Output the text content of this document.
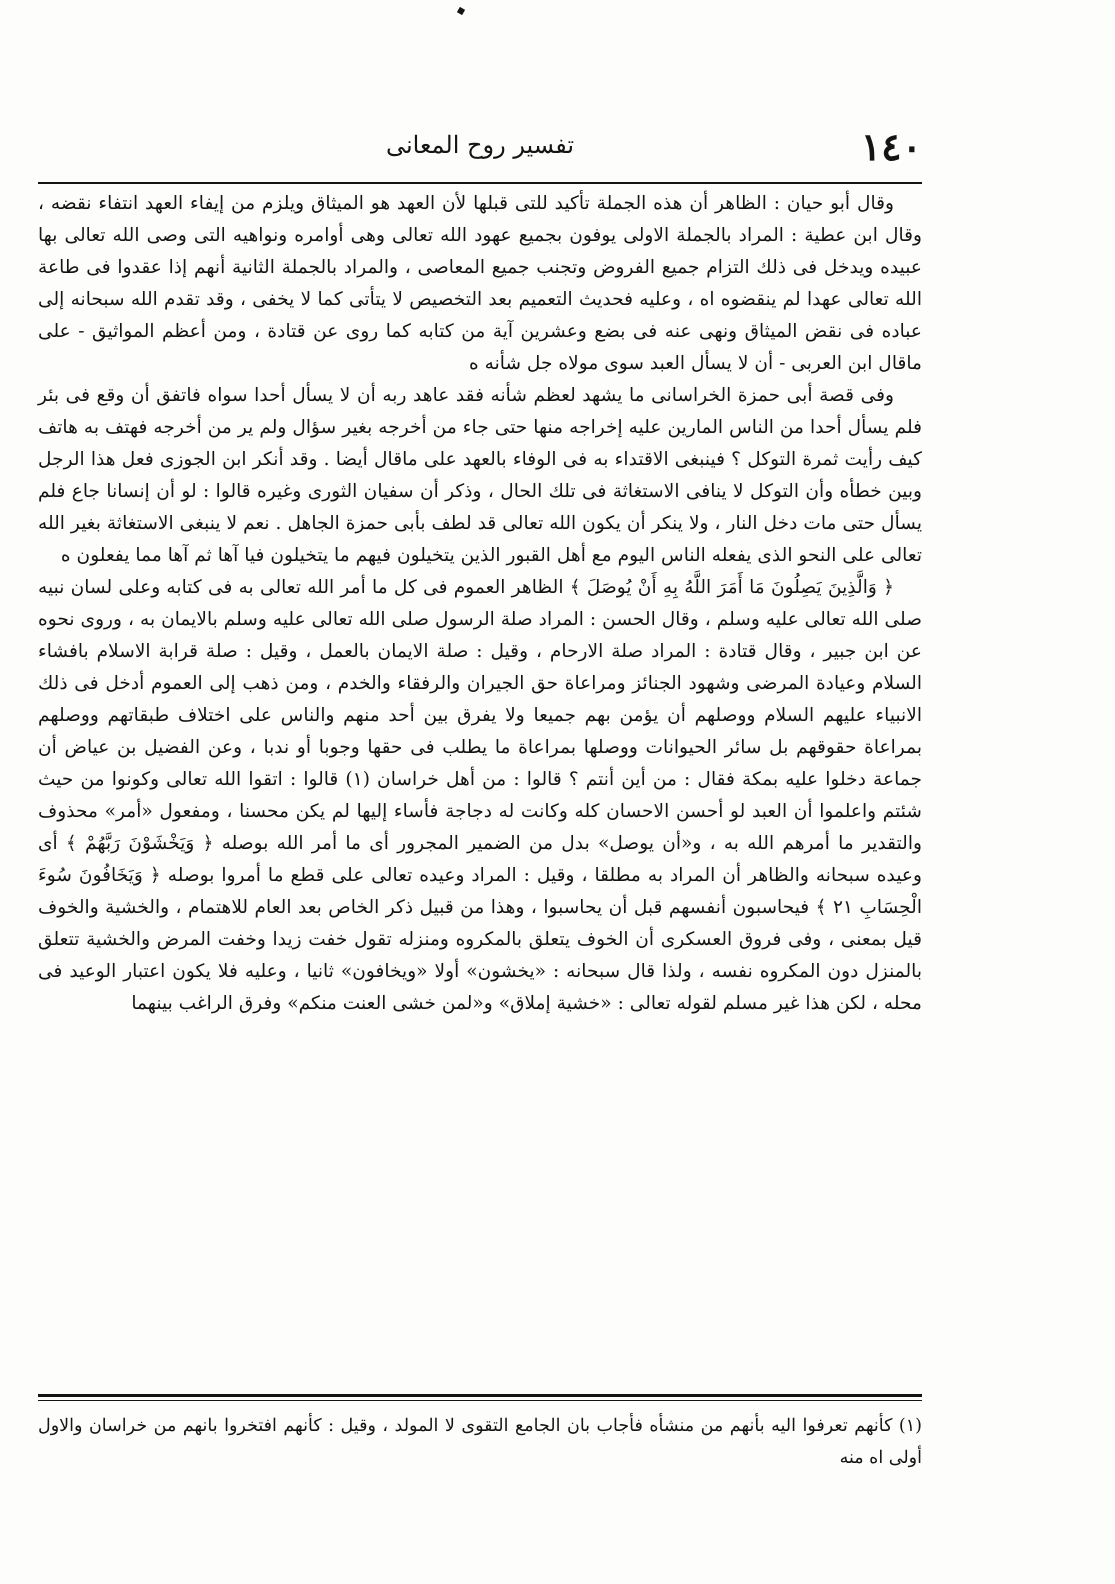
١٤٠
تفسير روح المعانى

وقال أبو حيان : الظاهر أن هذه الجملة تأكيد للتى قبلها لأن العهد هو الميثاق ويلزم من إيفاء العهد انتفاء نقضه ، وقال ابن عطية : المراد بالجملة الاولى يوفون بجميع عهود الله تعالى وهى أوامره ونواهيه التى وصى الله تعالى بها عبيده ويدخل فى ذلك التزام جميع الفروض وتجنب جميع المعاصى ، والمراد بالجملة الثانية أنهم إذا عقدوا فى طاعة الله تعالى عهدا لم ينقضوه اه ، وعليه فحديث التعميم بعد التخصيص لا يتأتى كما لا يخفى ، وقد تقدم الله سبحانه إلى عباده فى نقض الميثاق ونهى عنه فى بضع وعشرين آية من كتابه كما روى عن قتادة ، ومن أعظم المواثيق - على ماقال ابن العربى - أن لا يسأل العبد سوى مولاه جل شأنه ه

وفى قصة أبى حمزة الخراسانى ما يشهد لعظم شأنه فقد عاهد ربه أن لا يسأل أحدا سواه فاتفق أن وقع فى بئر فلم يسأل أحدا من الناس المارين عليه إخراجه منها حتى جاء من أخرجه بغير سؤال ولم ير من أخرجه فهتف به هاتف كيف رأيت ثمرة التوكل ؟ فينبغى الاقتداء به فى الوفاء بالعهد على ماقال أيضا . وقد أنكر ابن الجوزى فعل هذا الرجل وبين خطأه وأن التوكل لا ينافى الاستغاثة فى تلك الحال ، وذكر أن سفيان الثورى وغيره قالوا : لو أن إنسانا جاع فلم يسأل حتى مات دخل النار ، ولا ينكر أن يكون الله تعالى قد لطف بأبى حمزة الجاهل . نعم لا ينبغى الاستغاثة بغير الله تعالى على النحو الذى يفعله الناس اليوم مع أهل القبور الذين يتخيلون فيهم ما يتخيلون فيا آها ثم آها مما يفعلون ه

﴿ وَالَّذِينَ يَصِلُونَ مَا أَمَرَ اللَّهُ بِهِ أَنْ يُوصَلَ ﴾ الظاهر العموم فى كل ما أمر الله تعالى به فى كتابه وعلى لسان نبيه صلى الله تعالى عليه وسلم ، وقال الحسن : المراد صلة الرسول صلى الله تعالى عليه وسلم بالايمان به ، وروى نحوه عن ابن جبير ، وقال قتادة : المراد صلة الارحام ، وقيل : صلة الايمان بالعمل ، وقيل : صلة قرابة الاسلام بافشاء السلام وعيادة المرضى وشهود الجنائز ومراعاة حق الجيران والرفقاء والخدم ، ومن ذهب إلى العموم أدخل فى ذلك الانبياء عليهم السلام ووصلهم أن يؤمن بهم جميعا ولا يفرق بين أحد منهم والناس على اختلاف طبقاتهم ووصلهم بمراعاة حقوقهم بل سائر الحيوانات ووصلها بمراعاة ما يطلب فى حقها وجوبا أو ندبا ، وعن الفضيل بن عياض أن جماعة دخلوا عليه بمكة فقال : من أين أنتم ؟ قالوا : من أهل خراسان (١) قالوا : اتقوا الله تعالى وكونوا من حيث شئتم واعلموا أن العبد لو أحسن الاحسان كله وكانت له دجاجة فأساء إليها لم يكن محسنا ، ومفعول «أمر» محذوف والتقدير ما أمرهم الله به ، و«أن يوصل» بدل من الضمير المجرور أى ما أمر الله بوصله ﴿ وَيَخْشَوْنَ رَبَّهُمْ ﴾ أى وعيده سبحانه والظاهر أن المراد به مطلقا ، وقيل : المراد وعيده تعالى على قطع ما أمروا بوصله ﴿ وَيَخَافُونَ سُوءَ الْحِسَابِ ٢١ ﴾ فيحاسبون أنفسهم قبل أن يحاسبوا ، وهذا من قبيل ذكر الخاص بعد العام للاهتمام ، والخشية والخوف قيل بمعنى ، وفى فروق العسكرى أن الخوف يتعلق بالمكروه ومنزله تقول خفت زيدا وخفت المرض والخشية تتعلق بالمنزل دون المكروه نفسه ، ولذا قال سبحانه : «يخشون» أولا «ويخافون» ثانيا ، وعليه فلا يكون اعتبار الوعيد فى محله ، لكن هذا غير مسلم لقوله تعالى : «خشية إملاق» و«لمن خشى العنت منكم» وفرق الراغب بينهما

(١) كأنهم تعرفوا اليه بأنهم من منشأه فأجاب بان الجامع التقوى لا المولد ، وقيل : كأنهم افتخروا بانهم من خراسان والاول أولى اه منه
